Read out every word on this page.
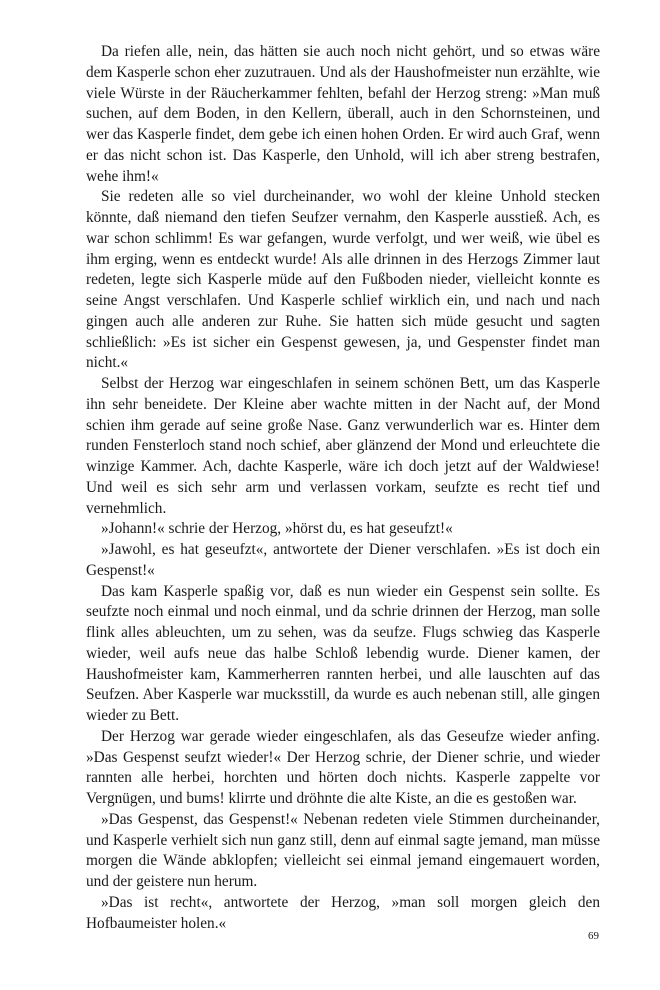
Da riefen alle, nein, das hätten sie auch noch nicht gehört, und so etwas wäre dem Kasperle schon eher zuzutrauen. Und als der Haushofmeister nun erzählte, wie viele Würste in der Räucherkammer fehlten, befahl der Herzog streng: »Man muß suchen, auf dem Boden, in den Kellern, überall, auch in den Schornsteinen, und wer das Kasperle findet, dem gebe ich einen hohen Orden. Er wird auch Graf, wenn er das nicht schon ist. Das Kasperle, den Unhold, will ich aber streng bestrafen, wehe ihm!«

Sie redeten alle so viel durcheinander, wo wohl der kleine Unhold stecken könnte, daß niemand den tiefen Seufzer vernahm, den Kasperle ausstieß. Ach, es war schon schlimm! Es war gefangen, wurde verfolgt, und wer weiß, wie übel es ihm erging, wenn es entdeckt wurde! Als alle drinnen in des Herzogs Zimmer laut redeten, legte sich Kasperle müde auf den Fußboden nieder, vielleicht konnte es seine Angst verschlafen. Und Kasperle schlief wirklich ein, und nach und nach gingen auch alle anderen zur Ruhe. Sie hatten sich müde gesucht und sagten schließlich: »Es ist sicher ein Gespenst gewesen, ja, und Gespenster findet man nicht.«

Selbst der Herzog war eingeschlafen in seinem schönen Bett, um das Kasperle ihn sehr beneidete. Der Kleine aber wachte mitten in der Nacht auf, der Mond schien ihm gerade auf seine große Nase. Ganz verwunderlich war es. Hinter dem runden Fensterloch stand noch schief, aber glänzend der Mond und erleuchtete die winzige Kammer. Ach, dachte Kasperle, wäre ich doch jetzt auf der Waldwiese! Und weil es sich sehr arm und verlassen vorkam, seufzte es recht tief und vernehmlich.

»Johann!« schrie der Herzog, »hörst du, es hat geseufzt!«

»Jawohl, es hat geseufzt«, antwortete der Diener verschlafen. »Es ist doch ein Gespenst!«

Das kam Kasperle spaßig vor, daß es nun wieder ein Gespenst sein sollte. Es seufzte noch einmal und noch einmal, und da schrie drinnen der Herzog, man solle flink alles ableuchten, um zu sehen, was da seufze. Flugs schwieg das Kasperle wieder, weil aufs neue das halbe Schloß lebendig wurde. Diener kamen, der Haushofmeister kam, Kammerherren rannten herbei, und alle lauschten auf das Seufzen. Aber Kasperle war mucksstill, da wurde es auch nebenan still, alle gingen wieder zu Bett.

Der Herzog war gerade wieder eingeschlafen, als das Geseufze wieder anfing. »Das Gespenst seufzt wieder!« Der Herzog schrie, der Diener schrie, und wieder rannten alle herbei, horchten und hörten doch nichts. Kasperle zappelte vor Vergnügen, und bums! klirrte und dröhnte die alte Kiste, an die es gestoßen war.

»Das Gespenst, das Gespenst!« Nebenan redeten viele Stimmen durcheinander, und Kasperle verhielt sich nun ganz still, denn auf einmal sagte jemand, man müsse morgen die Wände abklopfen; vielleicht sei einmal jemand eingemauert worden, und der geistere nun herum.

»Das ist recht«, antwortete der Herzog, »man soll morgen gleich den Hofbaumeister holen.«

69
